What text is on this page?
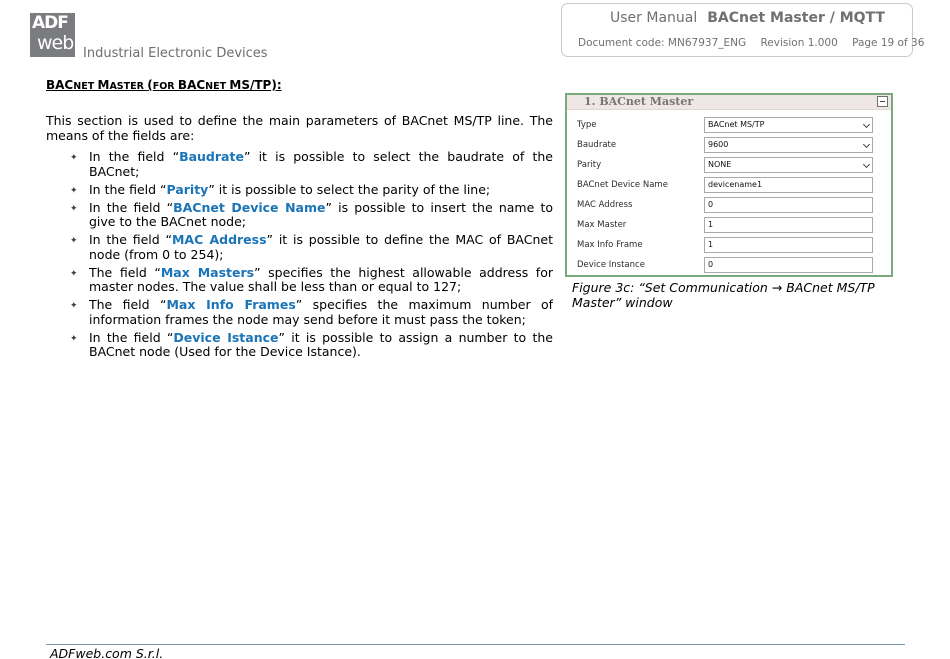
ADF
web Industrial Electronic Devices
User Manual BACnet Master / MQTT
Document code: MN67937_ENG Revision 1.000 Page 19 of 36
BACNET MASTER (FOR BACNET MS/TP):

This section is used to define the main parameters of BACnet MS/TP line. The means of the fields are:

✦ In the field “Baudrate” it is possible to select the baudrate of the BACnet;
✦ In the field “Parity” it is possible to select the parity of the line;
✦ In the field “BACnet Device Name” is possible to insert the name to give to the BACnet node;
✦ In the field “MAC Address” it is possible to define the MAC of BACnet node (from 0 to 254);
✦ The field “Max Masters” specifies the highest allowable address for master nodes. The value shall be less than or equal to 127;
✦ The field “Max Info Frames” specifies the maximum number of information frames the node may send before it must pass the token;
✦ In the field “Device Istance” it is possible to assign a number to the BACnet node (Used for the Device Istance).
1. BACnet Master
Type	BACnet MS/TP
Baudrate	9600
Parity	NONE
BACnet Device Name	devicename1
MAC Address	0
Max Master	1
Max Info Frame	1
Device Instance	0
Figure 3c: “Set Communication → BACnet MS/TP Master” window
ADFweb.com S.r.l.
